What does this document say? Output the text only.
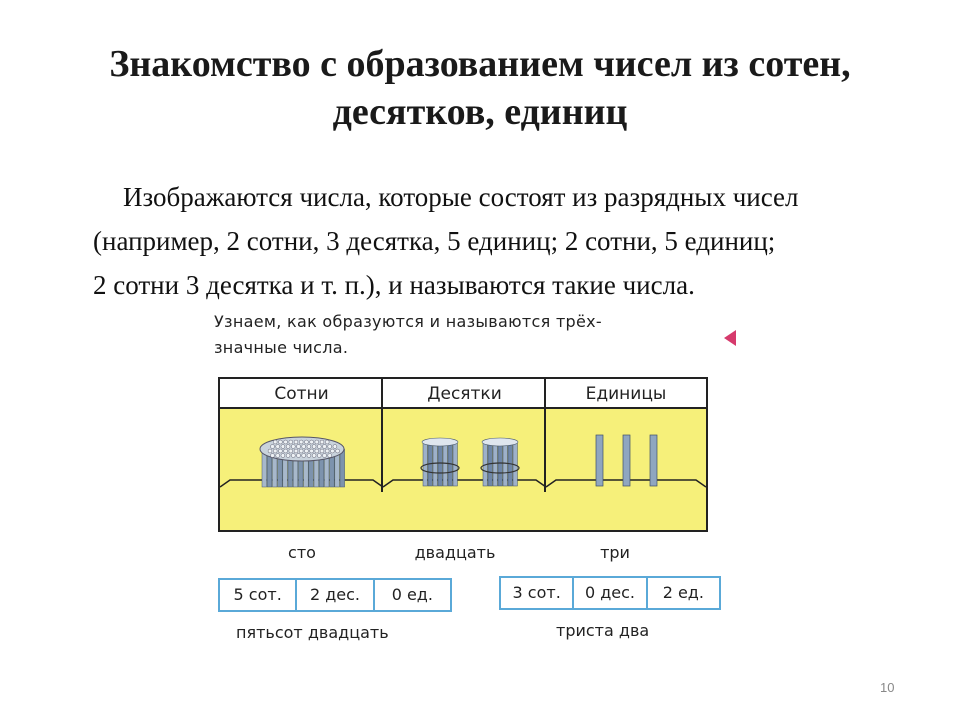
Знакомство с образованием чисел из сотен, десятков, единиц
Изображаются числа, которые состоят из разрядных чисел
(например, 2 сотни, 3 десятка, 5 единиц; 2 сотни, 5 единиц;
2 сотни 3 десятка и т. п.), и называются такие числа.
Узнаем, как образуются и называются трёх-
значные числа.
Сотни	Десятки	Единицы
сто	двадцать	три
5 сот.	2 дес.	0 ед.
пятьсот двадцать
3 сот.	0 дес.	2 ед.
триста два
10
